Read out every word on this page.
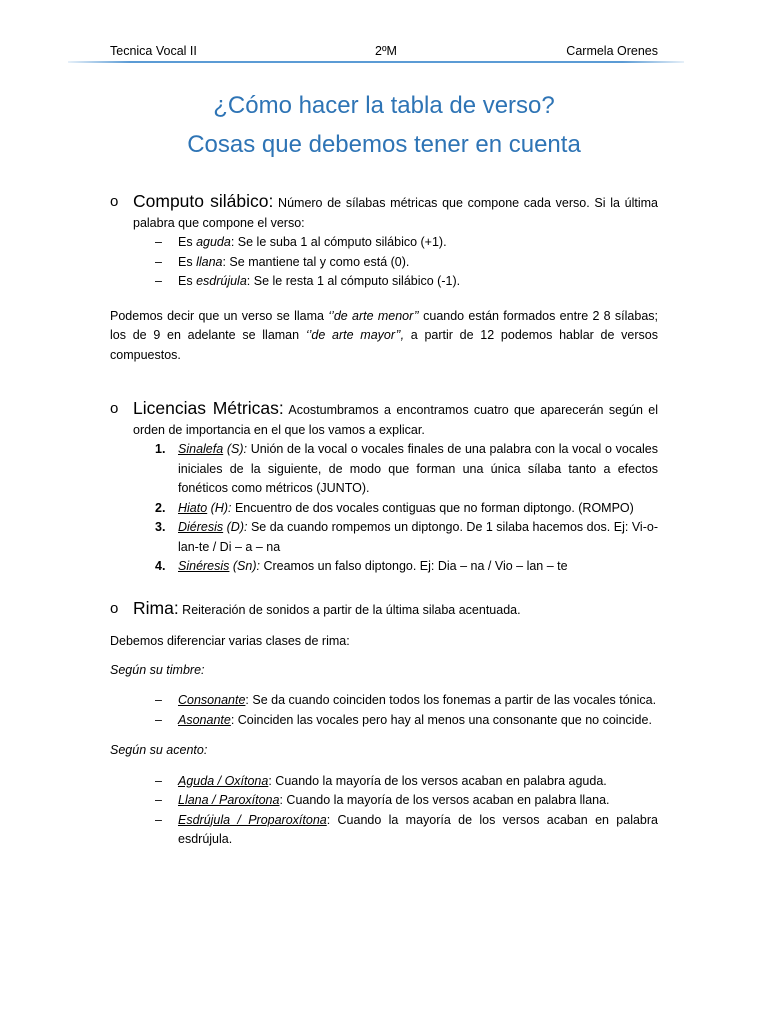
Tecnica Vocal II	2ºM	Carmela Orenes
¿Cómo hacer la tabla de verso?
Cosas que debemos tener en cuenta
o Computo silábico: Número de sílabas métricas que compone cada verso. Si la última palabra que compone el verso:
– Es aguda: Se le suba 1 al cómputo silábico (+1).
– Es llana: Se mantiene tal y como está (0).
– Es esdrújula: Se le resta 1 al cómputo silábico (-1).

Podemos decir que un verso se llama ‘’de arte menor’’ cuando están formados entre 2 8 sílabas; los de 9 en adelante se llaman ‘’de arte mayor’’, a partir de 12 podemos hablar de versos compuestos.

o Licencias Métricas: Acostumbramos a encontramos cuatro que aparecerán según el orden de importancia en el que los vamos a explicar.
1. Sinalefa (S): Unión de la vocal o vocales finales de una palabra con la vocal o vocales iniciales de la siguiente, de modo que forman una única sílaba tanto a efectos fonéticos como métricos (JUNTO).
2. Hiato (H): Encuentro de dos vocales contiguas que no forman diptongo. (ROMPO)
3. Diéresis (D): Se da cuando rompemos un diptongo. De 1 silaba hacemos dos. Ej: Vi-o-lan-te / Di – a – na
4. Sinéresis (Sn): Creamos un falso diptongo. Ej: Dia – na / Vio – lan – te
o Rima: Reiteración de sonidos a partir de la última silaba acentuada.

Debemos diferenciar varias clases de rima:

Según su timbre:

– Consonante: Se da cuando coinciden todos los fonemas a partir de las vocales tónica.
– Asonante: Coinciden las vocales pero hay al menos una consonante que no coincide.

Según su acento:

– Aguda / Oxítona: Cuando la mayoría de los versos acaban en palabra aguda.
– Llana / Paroxítona: Cuando la mayoría de los versos acaban en palabra llana.
– Esdrújula / Proparoxítona: Cuando la mayoría de los versos acaban en palabra esdrújula.
